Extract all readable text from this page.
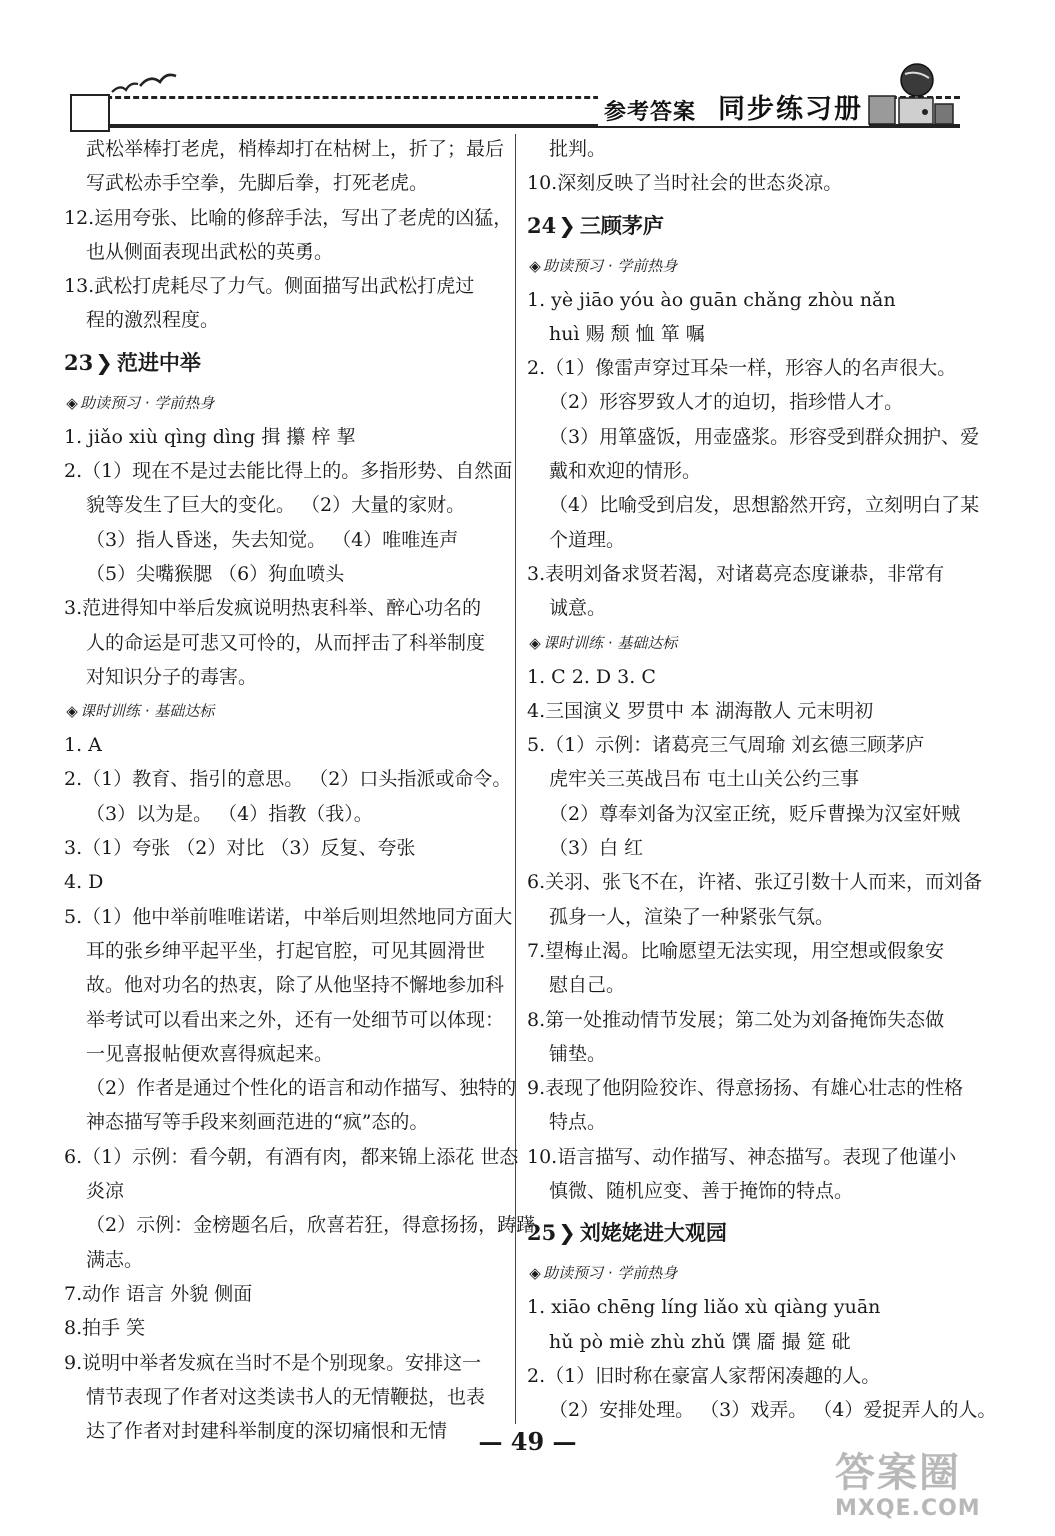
参考答案 同步练习册
武松举棒打老虎，梢棒却打在枯树上，折了；最后
写武松赤手空拳，先脚后拳，打死老虎。
12.运用夸张、比喻的修辞手法，写出了老虎的凶猛，
也从侧面表现出武松的英勇。
13.武松打虎耗尽了力气。侧面描写出武松打虎过
程的激烈程度。
23❯ 范进中举
◈ 助读预习 · 学前热身
1. jiǎo xiù qìng dìng 揖 攥 梓 挈
2.（1）现在不是过去能比得上的。多指形势、自然面
貌等发生了巨大的变化。 （2）大量的家财。
（3）指人昏迷，失去知觉。 （4）唯唯连声
（5）尖嘴猴腮 （6）狗血喷头
3.范进得知中举后发疯说明热衷科举、醉心功名的
人的命运是可悲又可怜的，从而抨击了科举制度
对知识分子的毒害。
◈ 课时训练 · 基础达标
1. A
2.（1）教育、指引的意思。 （2）口头指派或命令。
（3）以为是。 （4）指教（我）。
3.（1）夸张 （2）对比 （3）反复、夸张
4. D
5.（1）他中举前唯唯诺诺，中举后则坦然地同方面大
耳的张乡绅平起平坐，打起官腔，可见其圆滑世
故。他对功名的热衷，除了从他坚持不懈地参加科
举考试可以看出来之外，还有一处细节可以体现：
一见喜报帖便欢喜得疯起来。
（2）作者是通过个性化的语言和动作描写、独特的
神态描写等手段来刻画范进的“疯”态的。
6.（1）示例：看今朝，有酒有肉，都来锦上添花 世态
炎凉
（2）示例：金榜题名后，欣喜若狂，得意扬扬，踌躇
满志。
7.动作 语言 外貌 侧面
8.拍手 笑
9.说明中举者发疯在当时不是个别现象。安排这一
情节表现了作者对这类读书人的无情鞭挞，也表
达了作者对封建科举制度的深切痛恨和无情
批判。
10.深刻反映了当时社会的世态炎凉。
24❯ 三顾茅庐
◈ 助读预习 · 学前热身
1. yè jiāo yóu ào guān chǎng zhòu nǎn
huì 赐 颓 恤 箪 嘱
2.（1）像雷声穿过耳朵一样，形容人的名声很大。
（2）形容罗致人才的迫切，指珍惜人才。
（3）用箪盛饭，用壶盛浆。形容受到群众拥护、爱
戴和欢迎的情形。
（4）比喻受到启发，思想豁然开窍，立刻明白了某
个道理。
3.表明刘备求贤若渴，对诸葛亮态度谦恭，非常有
诚意。
◈ 课时训练 · 基础达标
1. C 2. D 3. C
4.三国演义 罗贯中 本 湖海散人 元末明初
5.（1）示例：诸葛亮三气周瑜 刘玄德三顾茅庐
虎牢关三英战吕布 屯土山关公约三事
（2）尊奉刘备为汉室正统，贬斥曹操为汉室奸贼
（3）白 红
6.关羽、张飞不在，许褚、张辽引数十人而来，而刘备
孤身一人，渲染了一种紧张气氛。
7.望梅止渴。比喻愿望无法实现，用空想或假象安
慰自己。
8.第一处推动情节发展；第二处为刘备掩饰失态做
铺垫。
9.表现了他阴险狡诈、得意扬扬、有雄心壮志的性格
特点。
10.语言描写、动作描写、神态描写。表现了他谨小
慎微、随机应变、善于掩饰的特点。
25❯ 刘姥姥进大观园
◈ 助读预习 · 学前热身
1. xiāo chēng líng liǎo xù qiàng yuān
hǔ pò miè zhù zhǔ 馔 靥 撮 筵 砒
2.（1）旧时称在豪富人家帮闲凑趣的人。
（2）安排处理。 （3）戏弄。 （4）爱捉弄人的人。
— 49 —
答案圈
MXQE.COM
